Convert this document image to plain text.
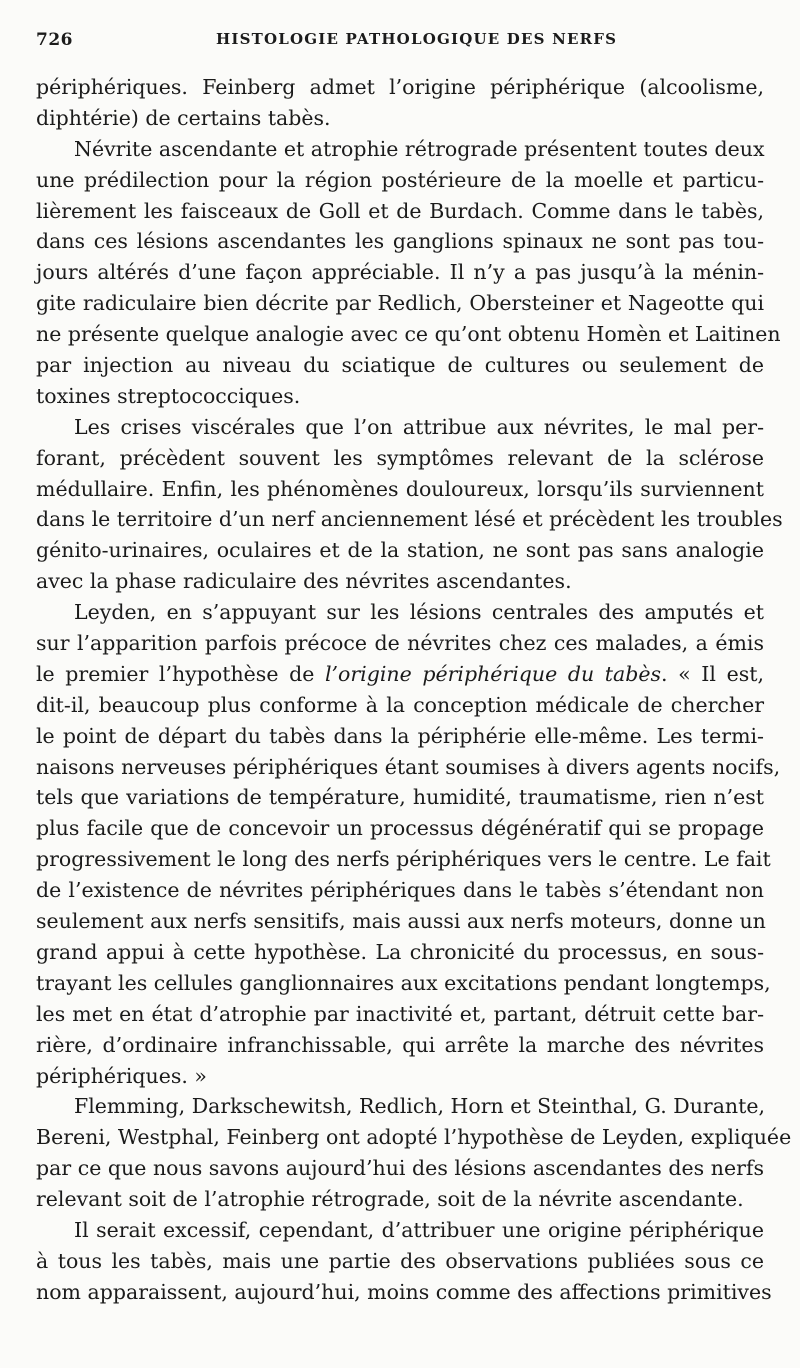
726	HISTOLOGIE PATHOLOGIQUE DES NERFS
périphériques. Feinberg admet l’origine périphérique (alcoolisme,
diphtérie) de certains tabès.
Névrite ascendante et atrophie rétrograde présentent toutes deux
une prédilection pour la région postérieure de la moelle et particu-
lièrement les faisceaux de Goll et de Burdach. Comme dans le tabès,
dans ces lésions ascendantes les ganglions spinaux ne sont pas tou-
jours altérés d’une façon appréciable. Il n’y a pas jusqu’à la ménin-
gite radiculaire bien décrite par Redlich, Obersteiner et Nageotte qui
ne présente quelque analogie avec ce qu’ont obtenu Homèn et Laitinen
par injection au niveau du sciatique de cultures ou seulement de
toxines streptococciques.
Les crises viscérales que l’on attribue aux névrites, le mal per-
forant, précèdent souvent les symptômes relevant de la sclérose
médullaire. Enfin, les phénomènes douloureux, lorsqu’ils surviennent
dans le territoire d’un nerf anciennement lésé et précèdent les troubles
génito-urinaires, oculaires et de la station, ne sont pas sans analogie
avec la phase radiculaire des névrites ascendantes.
Leyden, en s’appuyant sur les lésions centrales des amputés et
sur l’apparition parfois précoce de névrites chez ces malades, a émis
le premier l’hypothèse de l’origine périphérique du tabès. « Il est,
dit-il, beaucoup plus conforme à la conception médicale de chercher
le point de départ du tabès dans la périphérie elle-même. Les termi-
naisons nerveuses périphériques étant soumises à divers agents nocifs,
tels que variations de température, humidité, traumatisme, rien n’est
plus facile que de concevoir un processus dégénératif qui se propage
progressivement le long des nerfs périphériques vers le centre. Le fait
de l’existence de névrites périphériques dans le tabès s’étendant non
seulement aux nerfs sensitifs, mais aussi aux nerfs moteurs, donne un
grand appui à cette hypothèse. La chronicité du processus, en sous-
trayant les cellules ganglionnaires aux excitations pendant longtemps,
les met en état d’atrophie par inactivité et, partant, détruit cette bar-
rière, d’ordinaire infranchissable, qui arrête la marche des névrites
périphériques. »
Flemming, Darkschewitsh, Redlich, Horn et Steinthal, G. Durante,
Bereni, Westphal, Feinberg ont adopté l’hypothèse de Leyden, expliquée
par ce que nous savons aujourd’hui des lésions ascendantes des nerfs
relevant soit de l’atrophie rétrograde, soit de la névrite ascendante.
Il serait excessif, cependant, d’attribuer une origine périphérique
à tous les tabès, mais une partie des observations publiées sous ce
nom apparaissent, aujourd’hui, moins comme des affections primitives
